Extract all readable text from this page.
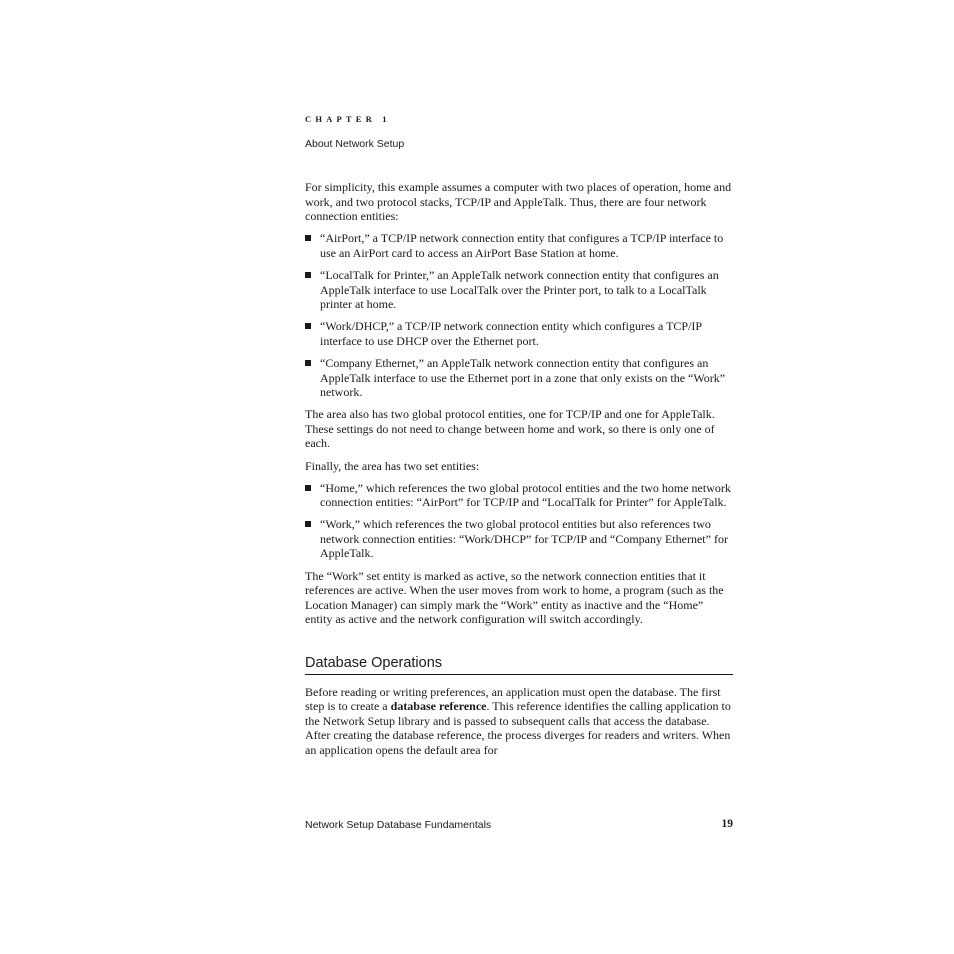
CHAPTER 1
About Network Setup

For simplicity, this example assumes a computer with two places of operation, home and work, and two protocol stacks, TCP/IP and AppleTalk. Thus, there are four network connection entities:

“AirPort,” a TCP/IP network connection entity that configures a TCP/IP interface to use an AirPort card to access an AirPort Base Station at home.
“LocalTalk for Printer,” an AppleTalk network connection entity that configures an AppleTalk interface to use LocalTalk over the Printer port, to talk to a LocalTalk printer at home.
“Work/DHCP,” a TCP/IP network connection entity which configures a TCP/IP interface to use DHCP over the Ethernet port.
“Company Ethernet,” an AppleTalk network connection entity that configures an AppleTalk interface to use the Ethernet port in a zone that only exists on the “Work” network.

The area also has two global protocol entities, one for TCP/IP and one for AppleTalk. These settings do not need to change between home and work, so there is only one of each.

Finally, the area has two set entities:

“Home,” which references the two global protocol entities and the two home network connection entities: “AirPort” for TCP/IP and “LocalTalk for Printer” for AppleTalk.
“Work,” which references the two global protocol entities but also references two network connection entities: “Work/DHCP” for TCP/IP and “Company Ethernet” for AppleTalk.

The “Work” set entity is marked as active, so the network connection entities that it references are active. When the user moves from work to home, a program (such as the Location Manager) can simply mark the “Work” entity as inactive and the “Home” entity as active and the network configuration will switch accordingly.

Database Operations

Before reading or writing preferences, an application must open the database. The first step is to create a database reference. This reference identifies the calling application to the Network Setup library and is passed to subsequent calls that access the database. After creating the database reference, the process diverges for readers and writers. When an application opens the default area for

Network Setup Database Fundamentals	19
